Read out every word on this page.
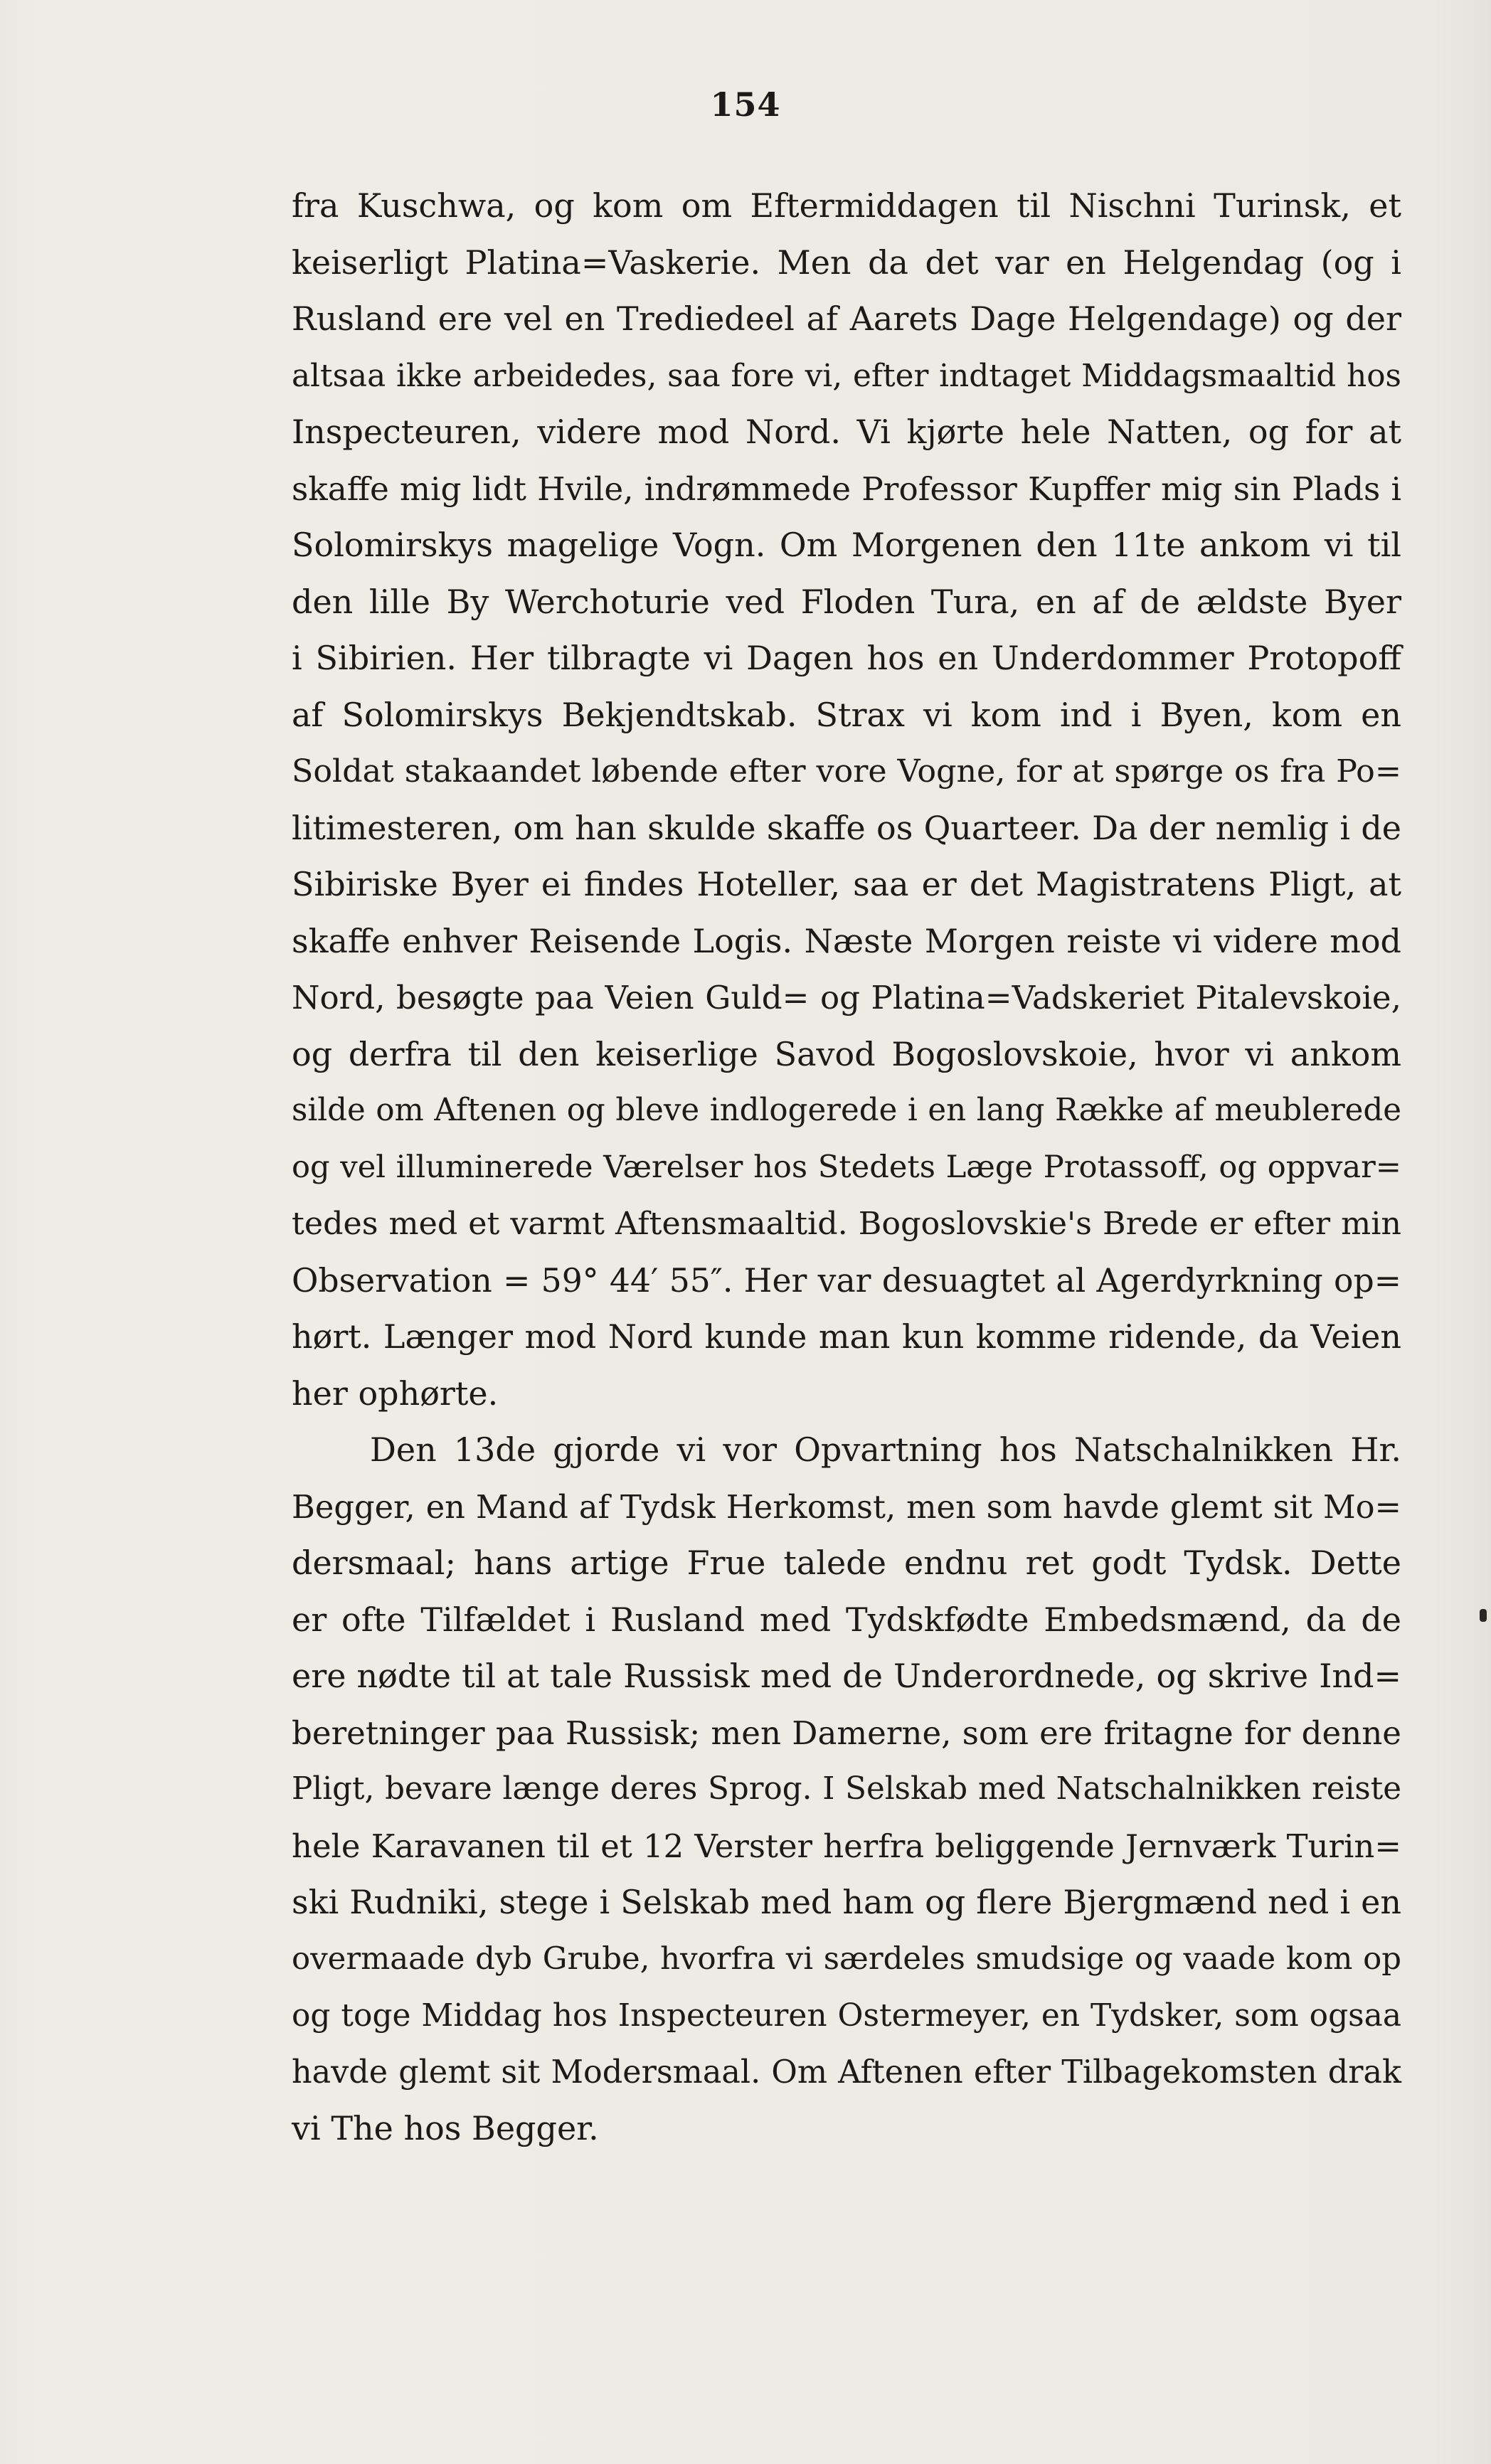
154
fra Kuschwa, og kom om Eftermiddagen til Nischni Turinsk, et
keiserligt Platina=Vaskerie. Men da det var en Helgendag (og i
Rusland ere vel en Trediedeel af Aarets Dage Helgendage) og der
altsaa ikke arbeidedes, saa fore vi, efter indtaget Middagsmaaltid hos
Inspecteuren, videre mod Nord. Vi kjørte hele Natten, og for at
skaffe mig lidt Hvile, indrømmede Professor Kupffer mig sin Plads i
Solomirskys magelige Vogn. Om Morgenen den 11te ankom vi til
den lille By Werchoturie ved Floden Tura, en af de ældste Byer
i Sibirien. Her tilbragte vi Dagen hos en Underdommer Protopoff
af Solomirskys Bekjendtskab. Strax vi kom ind i Byen, kom en
Soldat stakaandet løbende efter vore Vogne, for at spørge os fra Po=
litimesteren, om han skulde skaffe os Quarteer. Da der nemlig i de
Sibiriske Byer ei findes Hoteller, saa er det Magistratens Pligt, at
skaffe enhver Reisende Logis. Næste Morgen reiste vi videre mod
Nord, besøgte paa Veien Guld= og Platina=Vadskeriet Pitalevskoie,
og derfra til den keiserlige Savod Bogoslovskoie, hvor vi ankom
silde om Aftenen og bleve indlogerede i en lang Række af meublerede
og vel illuminerede Værelser hos Stedets Læge Protassoff, og oppvar=
tedes med et varmt Aftensmaaltid. Bogoslovskie's Brede er efter min
Observation = 59° 44′ 55″. Her var desuagtet al Agerdyrkning op=
hørt. Længer mod Nord kunde man kun komme ridende, da Veien
her ophørte.
Den 13de gjorde vi vor Opvartning hos Natschalnikken Hr.
Begger, en Mand af Tydsk Herkomst, men som havde glemt sit Mo=
dersmaal; hans artige Frue talede endnu ret godt Tydsk. Dette
er ofte Tilfældet i Rusland med Tydskfødte Embedsmænd, da de
ere nødte til at tale Russisk med de Underordnede, og skrive Ind=
beretninger paa Russisk; men Damerne, som ere fritagne for denne
Pligt, bevare længe deres Sprog. I Selskab med Natschalnikken reiste
hele Karavanen til et 12 Verster herfra beliggende Jernværk Turin=
ski Rudniki, stege i Selskab med ham og flere Bjergmænd ned i en
overmaade dyb Grube, hvorfra vi særdeles smudsige og vaade kom op
og toge Middag hos Inspecteuren Ostermeyer, en Tydsker, som ogsaa
havde glemt sit Modersmaal. Om Aftenen efter Tilbagekomsten drak
vi The hos Begger.
